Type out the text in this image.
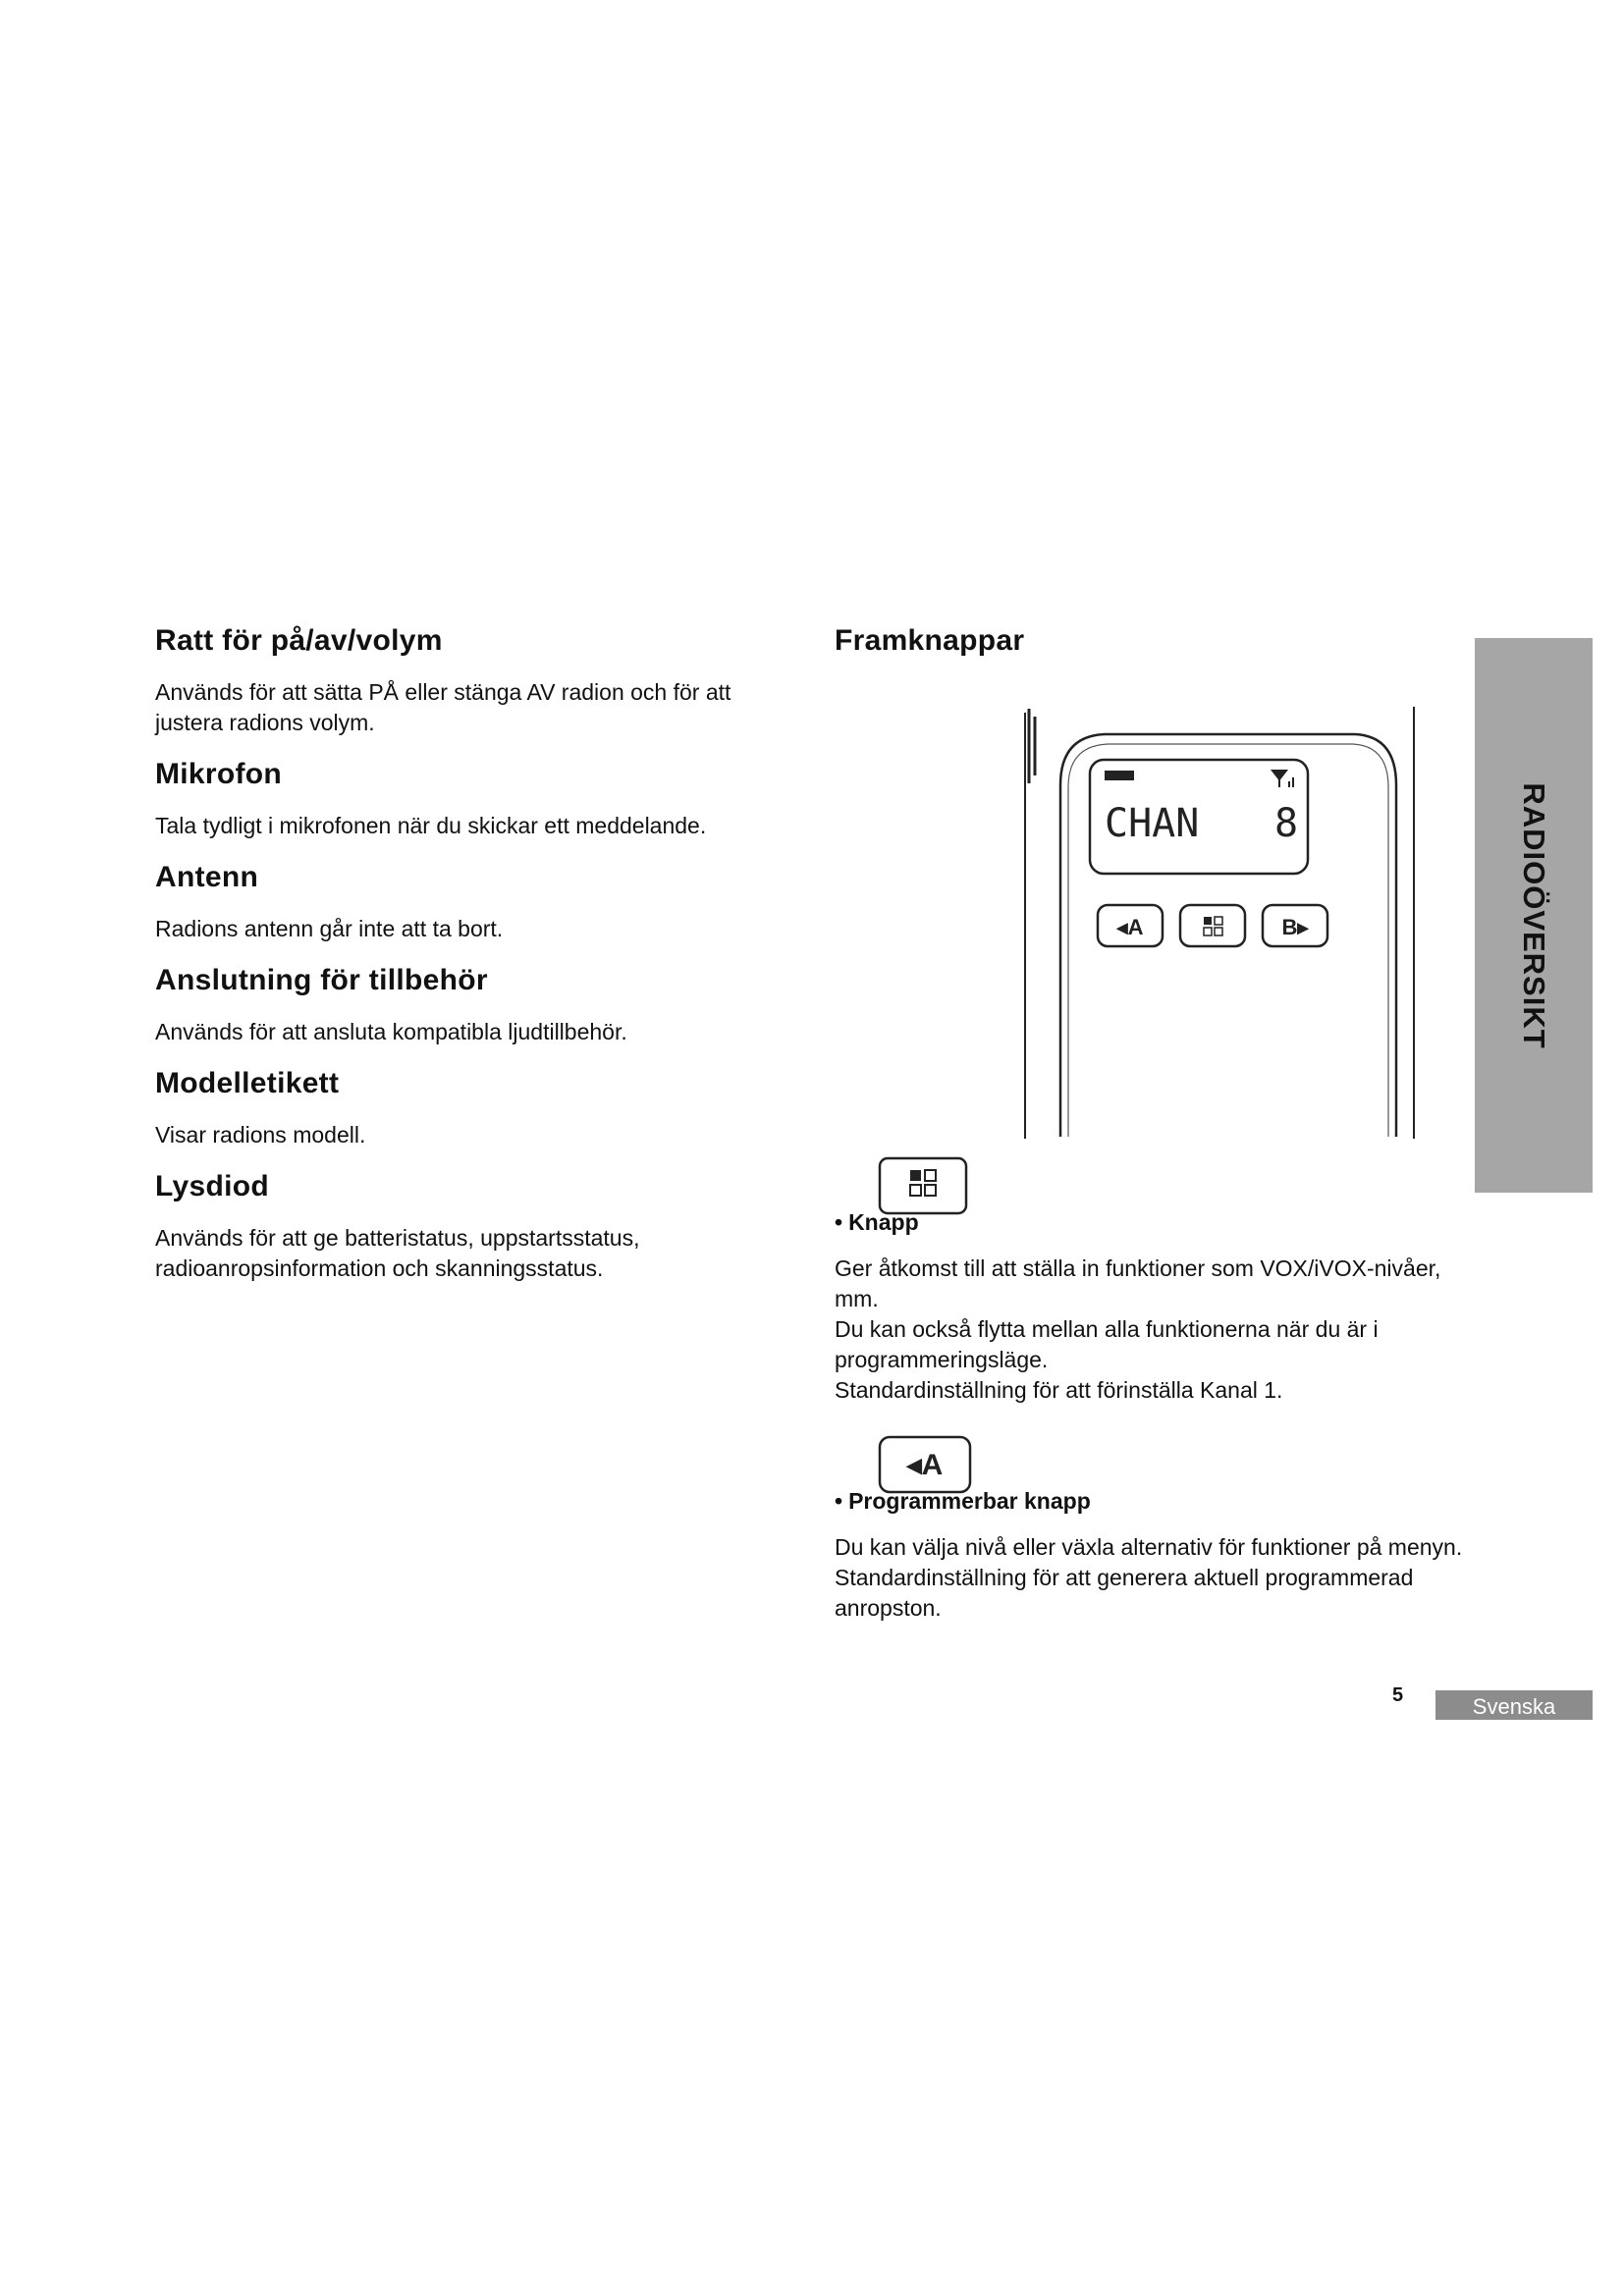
Ratt för på/av/volym

Används för att sätta PÅ eller stänga AV radion och för att justera radions volym.

Mikrofon

Tala tydligt i mikrofonen när du skickar ett meddelande.

Antenn

Radions antenn går inte att ta bort.

Anslutning för tillbehör

Används för att ansluta kompatibla ljudtillbehör.

Modelletikett

Visar radions modell.

Lysdiod

Används för att ge batteristatus, uppstartsstatus, radioanropsinformation och skanningsstatus.

Framknappar
CHAN 8
◂A	B▸

• Knapp

Ger åtkomst till att ställa in funktioner som VOX/iVOX-nivåer, mm.

Du kan också flytta mellan alla funktionerna när du är i programmeringsläge.

Standardinställning för att förinställa Kanal 1.

◂A

• Programmerbar knapp

Du kan välja nivå eller växla alternativ för funktioner på menyn.

Standardinställning för att generera aktuell programmerad anropston.

RADIOÖVERSIKT
5	Svenska
